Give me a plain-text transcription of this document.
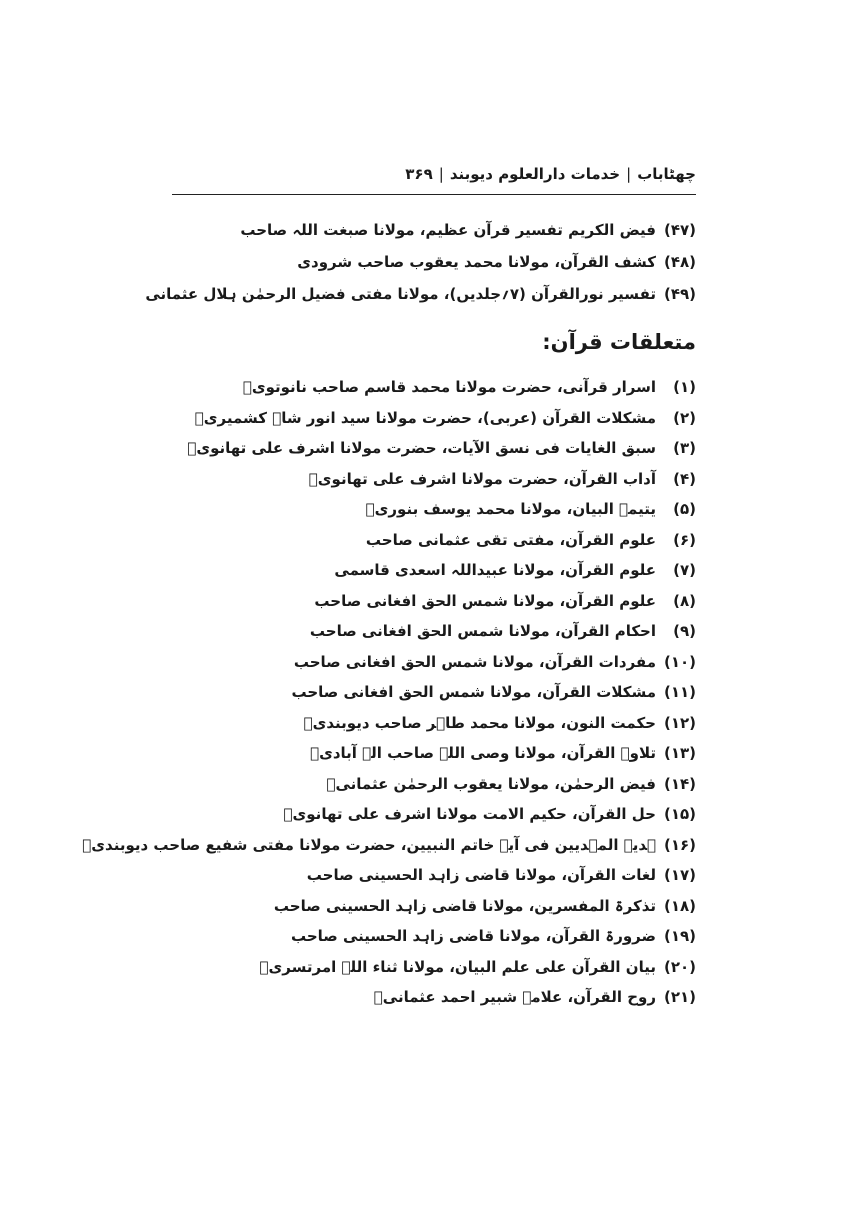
چھٹاباب
|
خدمات دارالعلوم دیوبند
|
۳۶۹
(۴۷)
فیض الکریم تفسیر قرآن عظیم، مولانا صبغت اللہ صاحب
(۴۸)
کشف القرآن، مولانا محمد یعقوب صاحب شرودی
(۴۹)
تفسیر نورالقرآن (۷؍جلدیں)، مولانا مفتی فضیل الرحمٰن ہلال عثمانی
متعلقات قرآن:
(۱)
اسرار قرآنی، حضرت مولانا محمد قاسم صاحب نانوتویؒ
(۲)
مشکلات القرآن (عربی)، حضرت مولانا سید انور شاہ کشمیریؒ
(۳)
سبق الغایات فی نسق الآیات، حضرت مولانا اشرف علی تھانویؒ
(۴)
آداب القرآن، حضرت مولانا اشرف علی تھانویؒ
(۵)
یتیمۃ البیان، مولانا محمد یوسف بنوریؒ
(۶)
علوم القرآن، مفتی تقی عثمانی صاحب
(۷)
علوم القرآن، مولانا عبیداللہ اسعدی قاسمی
(۸)
علوم القرآن، مولانا شمس الحق افغانی صاحب
(۹)
احکام القرآن، مولانا شمس الحق افغانی صاحب
(۱۰)
مفردات القرآن، مولانا شمس الحق افغانی صاحب
(۱۱)
مشکلات القرآن، مولانا شمس الحق افغانی صاحب
(۱۲)
حکمت النون، مولانا محمد طاہر صاحب دیوبندیؒ
(۱۳)
تلاوۃ القرآن، مولانا وصی اللہ صاحب الہ آبادیؒ
(۱۴)
فیض الرحمٰن، مولانا یعقوب الرحمٰن عثمانیؒ
(۱۵)
حل القرآن، حکیم الامت مولانا اشرف علی تھانویؒ
(۱۶)
ہدیۃ المہدیین فی آیۃ خاتم النبیین، حضرت مولانا مفتی شفیع صاحب دیوبندیؒ
(۱۷)
لغات القرآن، مولانا قاضی زاہد الحسینی صاحب
(۱۸)
تذکرۃ المفسرین، مولانا قاضی زاہد الحسینی صاحب
(۱۹)
ضرورۃ القرآن، مولانا قاضی زاہد الحسینی صاحب
(۲۰)
بیان القرآن علی علم البیان، مولانا ثناء اللہ امرتسریؒ
(۲۱)
روح القرآن، علامہ شبیر احمد عثمانیؒ
